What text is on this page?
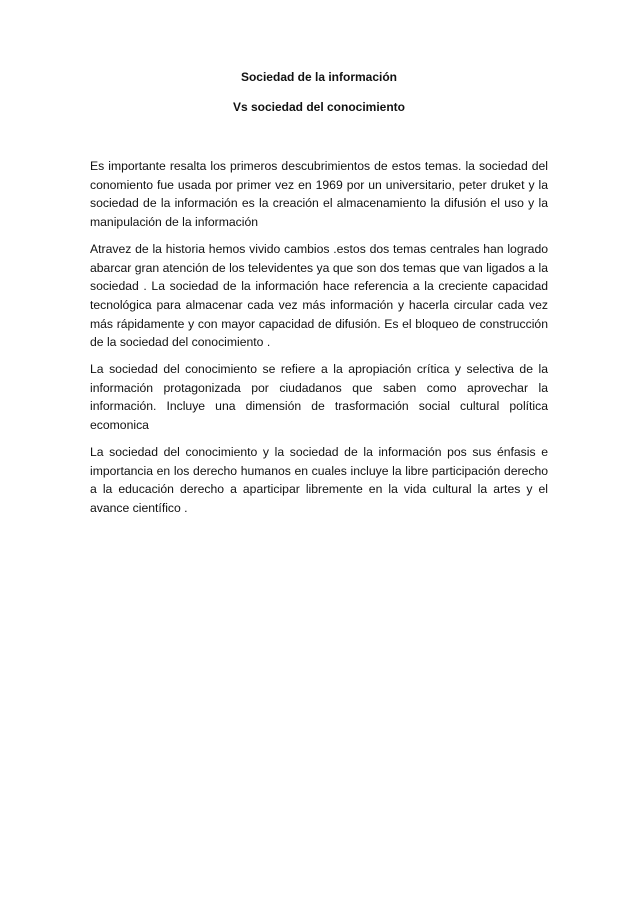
Sociedad de la información

Vs sociedad del conocimiento

Es importante resalta los primeros descubrimientos de estos temas. la sociedad del conomiento fue usada por primer vez en 1969 por un universitario, peter druket y la sociedad de la información es la creación el almacenamiento la difusión el uso y la manipulación de la información

Atravez de la historia hemos vivido cambios .estos dos temas centrales han logrado abarcar gran atención de los televidentes ya que son dos temas que van ligados a la sociedad . La sociedad de la información hace referencia a la creciente capacidad tecnológica para almacenar cada vez más información y hacerla circular cada vez más rápidamente y con mayor capacidad de difusión. Es el bloqueo de construcción de la sociedad del conocimiento .

La sociedad del conocimiento se refiere a la apropiación crítica y selectiva de la información protagonizada por ciudadanos que saben como aprovechar la información. Incluye una dimensión de trasformación social cultural política ecomonica

La sociedad del conocimiento y la sociedad de la información pos sus énfasis e importancia en los derecho humanos en cuales incluye la libre participación derecho a la educación derecho a aparticipar libremente en la vida cultural la artes y el avance científico .
